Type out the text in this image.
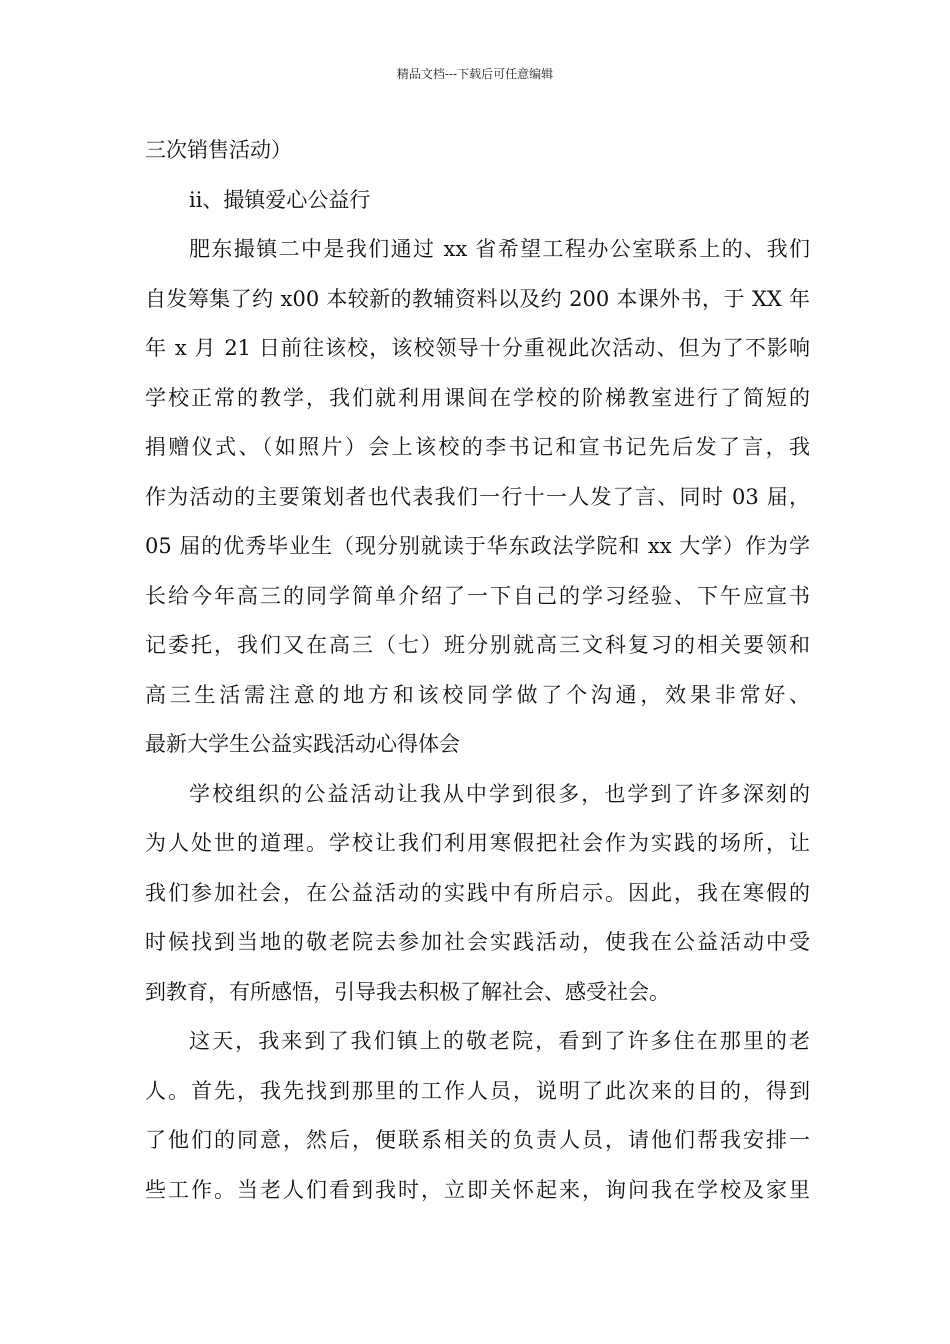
精品文档---下载后可任意编辑
三次销售活动）
ii、撮镇爱心公益行
肥东撮镇二中是我们通过 xx 省希望工程办公室联系上的、我们
自发筹集了约 x00 本较新的教辅资料以及约 200 本课外书，于 XX 年
年 x 月 21 日前往该校，该校领导十分重视此次活动、但为了不影响
学校正常的教学，我们就利用课间在学校的阶梯教室进行了简短的
捐赠仪式、（如照片）会上该校的李书记和宣书记先后发了言，我
作为活动的主要策划者也代表我们一行十一人发了言、同时 03 届，
05 届的优秀毕业生（现分别就读于华东政法学院和 xx 大学）作为学
长给今年高三的同学简单介绍了一下自己的学习经验、下午应宣书
记委托，我们又在高三（七）班分别就高三文科复习的相关要领和
高三生活需注意的地方和该校同学做了个沟通，效果非常好、
最新大学生公益实践活动心得体会
学校组织的公益活动让我从中学到很多，也学到了许多深刻的
为人处世的道理。学校让我们利用寒假把社会作为实践的场所，让
我们参加社会，在公益活动的实践中有所启示。因此，我在寒假的
时候找到当地的敬老院去参加社会实践活动，使我在公益活动中受
到教育，有所感悟，引导我去积极了解社会、感受社会。
这天，我来到了我们镇上的敬老院，看到了许多住在那里的老
人。首先，我先找到那里的工作人员，说明了此次来的目的，得到
了他们的同意，然后，便联系相关的负责人员，请他们帮我安排一
些工作。当老人们看到我时，立即关怀起来，询问我在学校及家里
